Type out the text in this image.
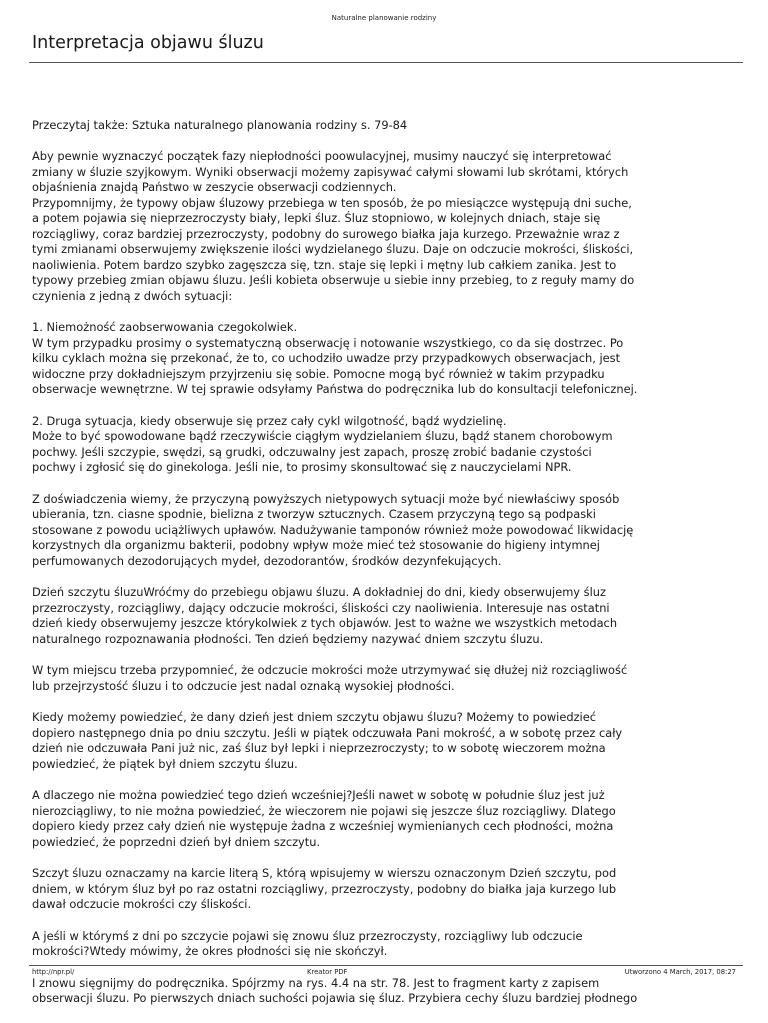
Naturalne planowanie rodziny
Interpretacja objawu śluzu

Przeczytaj także: Sztuka naturalnego planowania rodziny s. 79-84

Aby pewnie wyznaczyć początek fazy niepłodności poowulacyjnej, musimy nauczyć się interpretować
zmiany w śluzie szyjkowym. Wyniki obserwacji możemy zapisywać całymi słowami lub skrótami, których
objaśnienia znajdą Państwo w zeszycie obserwacji codziennych.
Przypomnijmy, że typowy objaw śluzowy przebiega w ten sposób, że po miesiączce występują dni suche,
a potem pojawia się nieprzezroczysty biały, lepki śluz. Śluz stopniowo, w kolejnych dniach, staje się
rozciągliwy, coraz bardziej przezroczysty, podobny do surowego białka jaja kurzego. Przeważnie wraz z
tymi zmianami obserwujemy zwiększenie ilości wydzielanego śluzu. Daje on odczucie mokrości, śliskości,
naoliwienia. Potem bardzo szybko zagęszcza się, tzn. staje się lepki i mętny lub całkiem zanika. Jest to
typowy przebieg zmian objawu śluzu. Jeśli kobieta obserwuje u siebie inny przebieg, to z reguły mamy do
czynienia z jedną z dwóch sytuacji:

1. Niemożność zaobserwowania czegokolwiek.
W tym przypadku prosimy o systematyczną obserwację i notowanie wszystkiego, co da się dostrzec. Po
kilku cyklach można się przekonać, że to, co uchodziło uwadze przy przypadkowych obserwacjach, jest
widoczne przy dokładniejszym przyjrzeniu się sobie. Pomocne mogą być również w takim przypadku
obserwacje wewnętrzne. W tej sprawie odsyłamy Państwa do podręcznika lub do konsultacji telefonicznej.

2. Druga sytuacja, kiedy obserwuje się przez cały cykl wilgotność, bądź wydzielinę.
Może to być spowodowane bądź rzeczywiście ciągłym wydzielaniem śluzu, bądź stanem chorobowym
pochwy. Jeśli szczypie, swędzi, są grudki, odczuwalny jest zapach, proszę zrobić badanie czystości
pochwy i zgłosić się do ginekologa. Jeśli nie, to prosimy skonsultować się z nauczycielami NPR.

Z doświadczenia wiemy, że przyczyną powyższych nietypowych sytuacji może być niewłaściwy sposób
ubierania, tzn. ciasne spodnie, bielizna z tworzyw sztucznych. Czasem przyczyną tego są podpaski
stosowane z powodu uciążliwych upławów. Nadużywanie tamponów również może powodować likwidację
korzystnych dla organizmu bakterii, podobny wpływ może mieć też stosowanie do higieny intymnej
perfumowanych dezodorujących mydeł, dezodorantów, środków dezynfekujących.

Dzień szczytu śluzuWróćmy do przebiegu objawu śluzu. A dokładniej do dni, kiedy obserwujemy śluz
przezroczysty, rozciągliwy, dający odczucie mokrości, śliskości czy naoliwienia. Interesuje nas ostatni
dzień kiedy obserwujemy jeszcze którykolwiek z tych objawów. Jest to ważne we wszystkich metodach
naturalnego rozpoznawania płodności. Ten dzień będziemy nazywać dniem szczytu śluzu.

W tym miejscu trzeba przypomnieć, że odczucie mokrości może utrzymywać się dłużej niż rozciągliwość
lub przejrzystość śluzu i to odczucie jest nadal oznaką wysokiej płodności.

Kiedy możemy powiedzieć, że dany dzień jest dniem szczytu objawu śluzu? Możemy to powiedzieć
dopiero następnego dnia po dniu szczytu. Jeśli w piątek odczuwała Pani mokrość, a w sobotę przez cały
dzień nie odczuwała Pani już nic, zaś śluz był lepki i nieprzezroczysty; to w sobotę wieczorem można
powiedzieć, że piątek był dniem szczytu śluzu.

A dlaczego nie można powiedzieć tego dzień wcześniej?Jeśli nawet w sobotę w południe śluz jest już
nierozciągliwy, to nie można powiedzieć, że wieczorem nie pojawi się jeszcze śluz rozciągliwy. Dlatego
dopiero kiedy przez cały dzień nie występuje żadna z wcześniej wymienianych cech płodności, można
powiedzieć, że poprzedni dzień był dniem szczytu.

Szczyt śluzu oznaczamy na karcie literą S, którą wpisujemy w wierszu oznaczonym Dzień szczytu, pod
dniem, w którym śluz był po raz ostatni rozciągliwy, przezroczysty, podobny do białka jaja kurzego lub
dawał odczucie mokrości czy śliskości.

A jeśli w którymś z dni po szczycie pojawi się znowu śluz przezroczysty, rozciągliwy lub odczucie
mokrości?Wtedy mówimy, że okres płodności się nie skończył.

I znowu sięgnijmy do podręcznika. Spójrzmy na rys. 4.4 na str. 78. Jest to fragment karty z zapisem
obserwacji śluzu. Po pierwszych dniach suchości pojawia się śluz. Przybiera cechy śluzu bardziej płodnego

http://npr.pl/	Kreator PDF	Utworzono 4 March, 2017, 08:27
